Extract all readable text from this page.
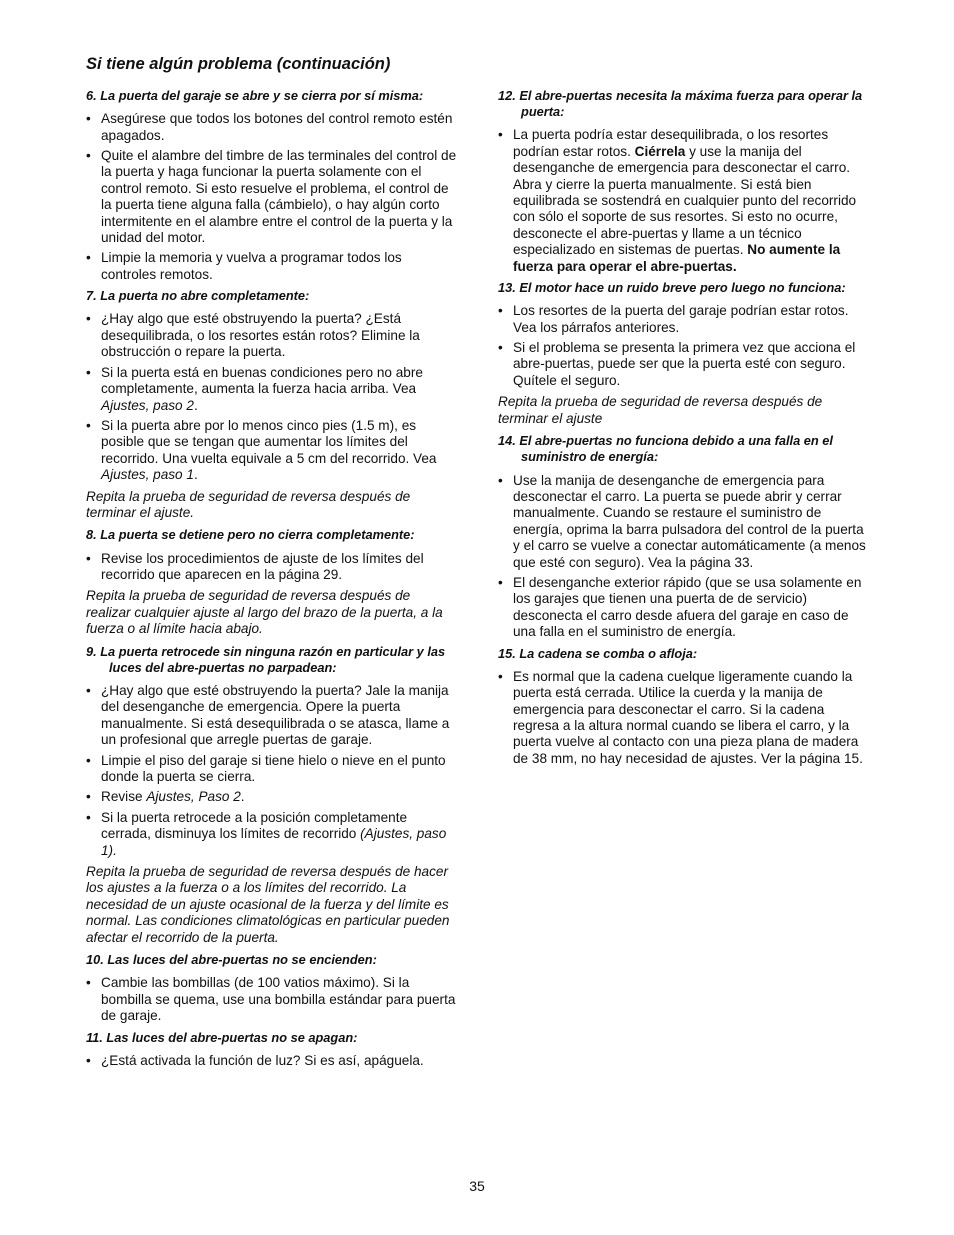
Si tiene algún problema (continuación)
6. La puerta del garaje se abre y se cierra por sí misma:
• Asegúrese que todos los botones del control remoto estén apagados.
• Quite el alambre del timbre de las terminales del control de la puerta y haga funcionar la puerta solamente con el control remoto. Si esto resuelve el problema, el control de la puerta tiene alguna falla (cámbielo), o hay algún corto intermitente en el alambre entre el control de la puerta y la unidad del motor.
• Limpie la memoria y vuelva a programar todos los controles remotos.
7. La puerta no abre completamente:
• ¿Hay algo que esté obstruyendo la puerta? ¿Está desequilibrada, o los resortes están rotos? Elimine la obstrucción o repare la puerta.
• Si la puerta está en buenas condiciones pero no abre completamente, aumenta la fuerza hacia arriba. Vea Ajustes, paso 2.
• Si la puerta abre por lo menos cinco pies (1.5 m), es posible que se tengan que aumentar los límites del recorrido. Una vuelta equivale a 5 cm del recorrido. Vea Ajustes, paso 1.
Repita la prueba de seguridad de reversa después de terminar el ajuste.
8. La puerta se detiene pero no cierra completamente:
• Revise los procedimientos de ajuste de los límites del recorrido que aparecen en la página 29.
Repita la prueba de seguridad de reversa después de realizar cualquier ajuste al largo del brazo de la puerta, a la fuerza o al límite hacia abajo.
9. La puerta retrocede sin ninguna razón en particular y las luces del abre-puertas no parpadean:
• ¿Hay algo que esté obstruyendo la puerta? Jale la manija del desenganche de emergencia. Opere la puerta manualmente. Si está desequilibrada o se atasca, llame a un profesional que arregle puertas de garaje.
• Limpie el piso del garaje si tiene hielo o nieve en el punto donde la puerta se cierra.
• Revise Ajustes, Paso 2.
• Si la puerta retrocede a la posición completamente cerrada, disminuya los límites de recorrido (Ajustes, paso 1).
Repita la prueba de seguridad de reversa después de hacer los ajustes a la fuerza o a los límites del recorrido. La necesidad de un ajuste ocasional de la fuerza y del límite es normal. Las condiciones climatológicas en particular pueden afectar el recorrido de la puerta.
10. Las luces del abre-puertas no se encienden:
• Cambie las bombillas (de 100 vatios máximo). Si la bombilla se quema, use una bombilla estándar para puerta de garaje.
11. Las luces del abre-puertas no se apagan:
• ¿Está activada la función de luz? Si es así, apáguela.
12. El abre-puertas necesita la máxima fuerza para operar la puerta:
• La puerta podría estar desequilibrada, o los resortes podrían estar rotos. Ciérrela y use la manija del desenganche de emergencia para desconectar el carro. Abra y cierre la puerta manualmente. Si está bien equilibrada se sostendrá en cualquier punto del recorrido con sólo el soporte de sus resortes. Si esto no ocurre, desconecte el abre-puertas y llame a un técnico especializado en sistemas de puertas. No aumente la fuerza para operar el abre-puertas.
13. El motor hace un ruido breve pero luego no funciona:
• Los resortes de la puerta del garaje podrían estar rotos. Vea los párrafos anteriores.
• Si el problema se presenta la primera vez que acciona el abre-puertas, puede ser que la puerta esté con seguro. Quítele el seguro.
Repita la prueba de seguridad de reversa después de terminar el ajuste
14. El abre-puertas no funciona debido a una falla en el suministro de energía:
• Use la manija de desenganche de emergencia para desconectar el carro. La puerta se puede abrir y cerrar manualmente. Cuando se restaure el suministro de energía, oprima la barra pulsadora del control de la puerta y el carro se vuelve a conectar automáticamente (a menos que esté con seguro). Vea la página 33.
• El desenganche exterior rápido (que se usa solamente en los garajes que tienen una puerta de de servicio) desconecta el carro desde afuera del garaje en caso de una falla en el suministro de energía.
15. La cadena se comba o afloja:
• Es normal que la cadena cuelque ligeramente cuando la puerta está cerrada. Utilice la cuerda y la manija de emergencia para desconectar el carro. Si la cadena regresa a la altura normal cuando se libera el carro, y la puerta vuelve al contacto con una pieza plana de madera de 38 mm, no hay necesidad de ajustes. Ver la página 15.
35
